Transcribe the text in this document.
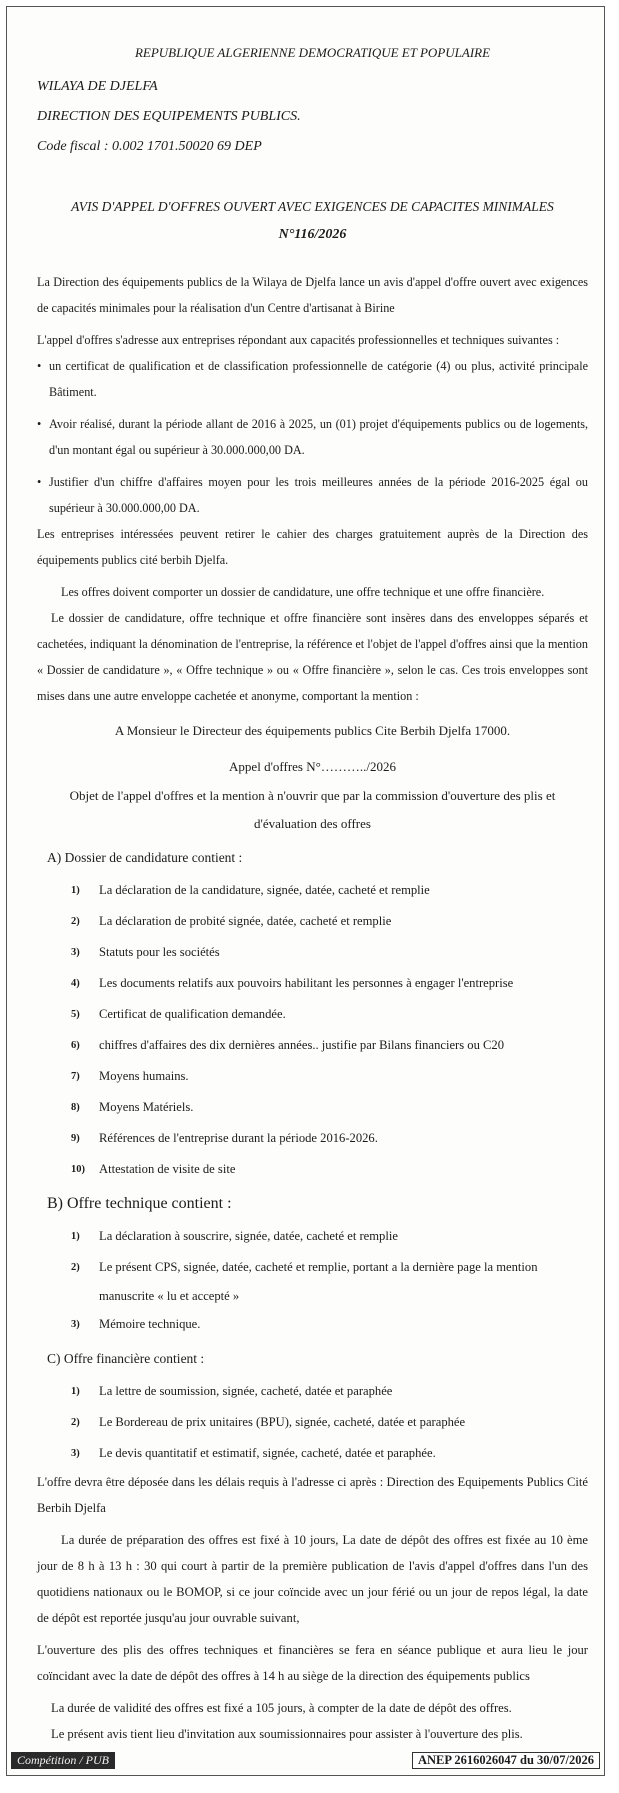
REPUBLIQUE ALGERIENNE DEMOCRATIQUE ET POPULAIRE
WILAYA DE DJELFA
DIRECTION DES EQUIPEMENTS PUBLICS.
Code fiscal : 0.002 1701.50020 69 DEP
AVIS D'APPEL D'OFFRES OUVERT AVEC EXIGENCES DE CAPACITES MINIMALES
N°116/2026

La Direction des équipements publics de la Wilaya de Djelfa lance un avis d'appel d'offre ouvert avec exigences de capacités minimales pour la réalisation d'un Centre d'artisanat à Birine

L'appel d'offres s'adresse aux entreprises répondant aux capacités professionnelles et techniques suivantes :

• un certificat de qualification et de classification professionnelle de catégorie (4) ou plus, activité principale Bâtiment.
• Avoir réalisé, durant la période allant de 2016 à 2025, un (01) projet d'équipements publics ou de logements, d'un montant égal ou supérieur à 30.000.000,00 DA.
• Justifier d'un chiffre d'affaires moyen pour les trois meilleures années de la période 2016-2025 égal ou supérieur à 30.000.000,00 DA.

Les entreprises intéressées peuvent retirer le cahier des charges gratuitement auprès de la Direction des équipements publics cité berbih Djelfa.

Les offres doivent comporter un dossier de candidature, une offre technique et une offre financière.

Le dossier de candidature, offre technique et offre financière sont insères dans des enveloppes séparés et cachetées, indiquant la dénomination de l'entreprise, la référence et l'objet de l'appel d'offres ainsi que la mention « Dossier de candidature », « Offre technique » ou « Offre financière », selon le cas. Ces trois enveloppes sont mises dans une autre enveloppe cachetée et anonyme, comportant la mention :

A Monsieur le Directeur des équipements publics Cite Berbih Djelfa 17000.
Appel d'offres N°………../2026
Objet de l'appel d'offres et la mention à n'ouvrir que par la commission d'ouverture des plis et
d'évaluation des offres
A) Dossier de candidature contient :
1)	La déclaration de la candidature, signée, datée, cacheté et remplie
2)	La déclaration de probité signée, datée, cacheté et remplie
3)	Statuts pour les sociétés
4)	Les documents relatifs aux pouvoirs habilitant les personnes à engager l'entreprise
5)	Certificat de qualification demandée.
6)	chiffres d'affaires des dix dernières années.. justifie par Bilans financiers ou C20
7)	Moyens humains.
8)	Moyens Matériels.
9)	Références de l'entreprise durant la période 2016-2026.
10)	Attestation de visite de site
B) Offre technique contient :
1)	La déclaration à souscrire, signée, datée, cacheté et remplie
2)	Le présent CPS, signée, datée, cacheté et remplie, portant a la dernière page la mention
manuscrite « lu et accepté »
3)	Mémoire technique.
C) Offre financière contient :
1)	La lettre de soumission, signée, cacheté, datée et paraphée
2)	Le Bordereau de prix unitaires (BPU), signée, cacheté, datée et paraphée
3)	Le devis quantitatif et estimatif, signée, cacheté, datée et paraphée.

L'offre devra être déposée dans les délais requis à l'adresse ci après : Direction des Equipements Publics Cité Berbih Djelfa

La durée de préparation des offres est fixé à 10 jours, La date de dépôt des offres est fixée au 10 ème jour de 8 h à 13 h : 30 qui court à partir de la première publication de l'avis d'appel d'offres dans l'un des quotidiens nationaux ou le BOMOP, si ce jour coïncide avec un jour férié ou un jour de repos légal, la date de dépôt est reportée jusqu'au jour ouvrable suivant,

L'ouverture des plis des offres techniques et financières se fera en séance publique et aura lieu le jour coïncidant avec la date de dépôt des offres à 14 h au siège de la direction des équipements publics

La durée de validité des offres est fixé a 105 jours, à compter de la date de dépôt des offres.

Le présent avis tient lieu d'invitation aux soumissionnaires pour assister à l'ouverture des plis.

Compétition / PUB	ANEP 2616026047 du 30/07/2026
